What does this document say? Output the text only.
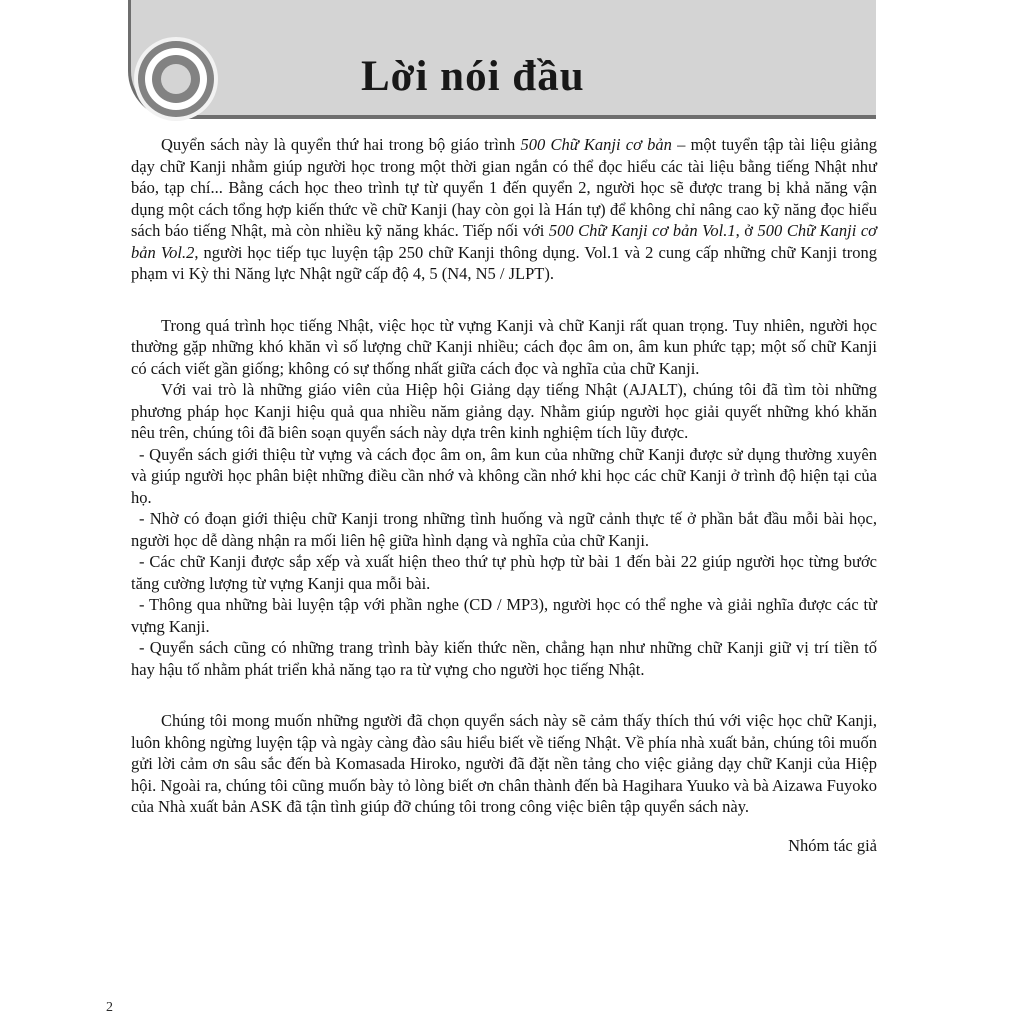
Lời nói đầu

Quyển sách này là quyển thứ hai trong bộ giáo trình 500 Chữ Kanji cơ bản – một tuyển tập tài liệu giảng dạy chữ Kanji nhằm giúp người học trong một thời gian ngắn có thể đọc hiểu các tài liệu bằng tiếng Nhật như báo, tạp chí... Bằng cách học theo trình tự từ quyển 1 đến quyển 2, người học sẽ được trang bị khả năng vận dụng một cách tổng hợp kiến thức về chữ Kanji (hay còn gọi là Hán tự) để không chỉ nâng cao kỹ năng đọc hiểu sách báo tiếng Nhật, mà còn nhiều kỹ năng khác. Tiếp nối với 500 Chữ Kanji cơ bản Vol.1, ở 500 Chữ Kanji cơ bản Vol.2, người học tiếp tục luyện tập 250 chữ Kanji thông dụng. Vol.1 và 2 cung cấp những chữ Kanji trong phạm vi Kỳ thi Năng lực Nhật ngữ cấp độ 4, 5 (N4, N5 / JLPT).

Trong quá trình học tiếng Nhật, việc học từ vựng Kanji và chữ Kanji rất quan trọng. Tuy nhiên, người học thường gặp những khó khăn vì số lượng chữ Kanji nhiều; cách đọc âm on, âm kun phức tạp; một số chữ Kanji có cách viết gần giống; không có sự thống nhất giữa cách đọc và nghĩa của chữ Kanji.

Với vai trò là những giáo viên của Hiệp hội Giảng dạy tiếng Nhật (AJALT), chúng tôi đã tìm tòi những phương pháp học Kanji hiệu quả qua nhiều năm giảng dạy. Nhằm giúp người học giải quyết những khó khăn nêu trên, chúng tôi đã biên soạn quyển sách này dựa trên kinh nghiệm tích lũy được.

- Quyển sách giới thiệu từ vựng và cách đọc âm on, âm kun của những chữ Kanji được sử dụng thường xuyên và giúp người học phân biệt những điều cần nhớ và không cần nhớ khi học các chữ Kanji ở trình độ hiện tại của họ.

- Nhờ có đoạn giới thiệu chữ Kanji trong những tình huống và ngữ cảnh thực tế ở phần bắt đầu mỗi bài học, người học dễ dàng nhận ra mối liên hệ giữa hình dạng và nghĩa của chữ Kanji.

- Các chữ Kanji được sắp xếp và xuất hiện theo thứ tự phù hợp từ bài 1 đến bài 22 giúp người học từng bước tăng cường lượng từ vựng Kanji qua mỗi bài.

- Thông qua những bài luyện tập với phần nghe (CD / MP3), người học có thể nghe và giải nghĩa được các từ vựng Kanji.

- Quyển sách cũng có những trang trình bày kiến thức nền, chẳng hạn như những chữ Kanji giữ vị trí tiền tố hay hậu tố nhằm phát triển khả năng tạo ra từ vựng cho người học tiếng Nhật.

Chúng tôi mong muốn những người đã chọn quyển sách này sẽ cảm thấy thích thú với việc học chữ Kanji, luôn không ngừng luyện tập và ngày càng đào sâu hiểu biết về tiếng Nhật. Về phía nhà xuất bản, chúng tôi muốn gửi lời cảm ơn sâu sắc đến bà Komasada Hiroko, người đã đặt nền tảng cho việc giảng dạy chữ Kanji của Hiệp hội. Ngoài ra, chúng tôi cũng muốn bày tỏ lòng biết ơn chân thành đến bà Hagihara Yuuko và bà Aizawa Fuyoko của Nhà xuất bản ASK đã tận tình giúp đỡ chúng tôi trong công việc biên tập quyển sách này.

Nhóm tác giả
2
